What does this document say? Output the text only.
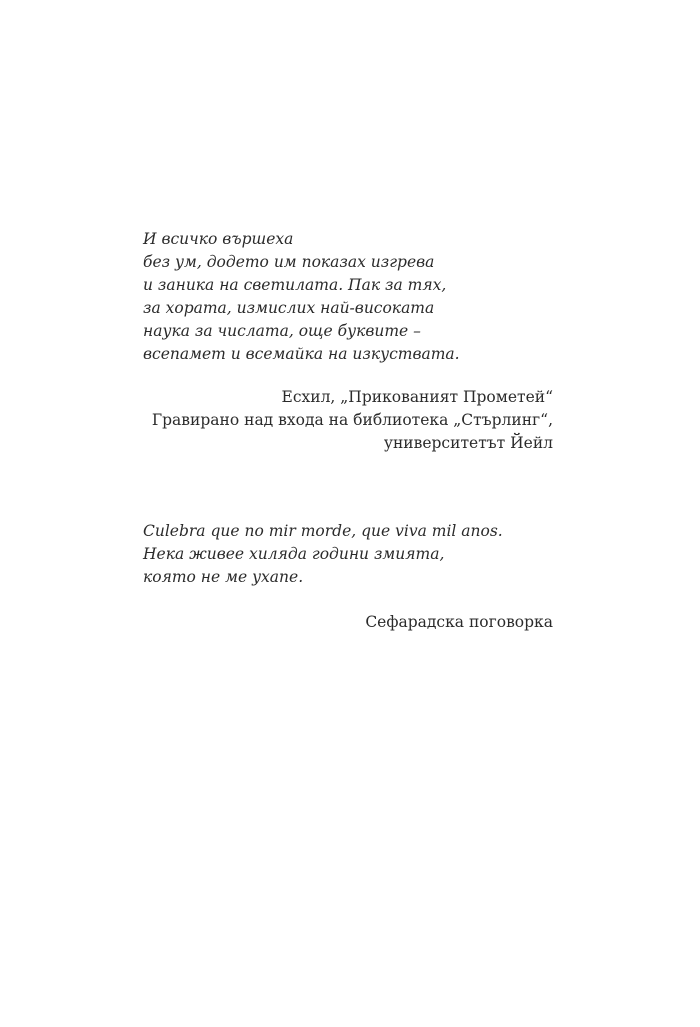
И всичко вършеха
без ум, додето им показах изгрева
и заника на светилата. Пак за тях,
за хората, измислих най-високата
наука за числата, още буквите –
всепамет и всемайка на изкуствата.

Есхил, „Прикованият Прометей“
Гравирано над входа на библиотека „Стърлинг“,
университетът Йейл

Culebra que no mir morde, que viva mil anos.
Нека живее хиляда години змията,
която не ме ухапе.

Сефарадска поговорка
